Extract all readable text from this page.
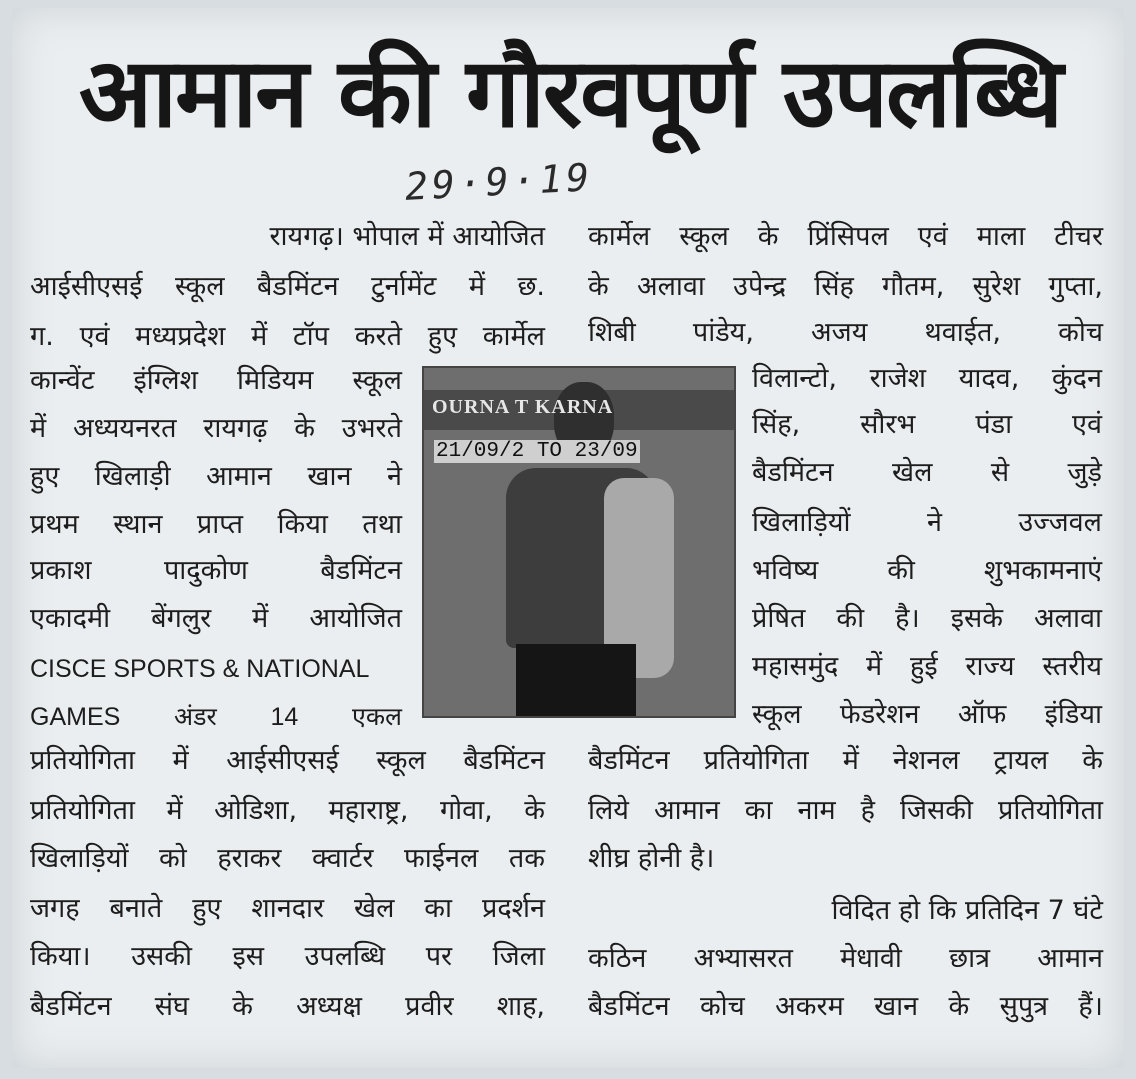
आमान की गौरवपूर्ण उपलब्धि
29·9·19
रायगढ़। भोपाल में आयोजित
आईसीएसई स्कूल बैडमिंटन टुर्नामेंट में छ.
ग. एवं मध्यप्रदेश में टॉप करते हुए कार्मेल
कान्वेंट इंग्लिश मिडियम स्कूल
में अध्ययनरत रायगढ़ के उभरते
हुए खिलाड़ी आमान खान ने
प्रथम स्थान प्राप्त किया तथा
प्रकाश पादुकोण बैडमिंटन
एकादमी बेंगलुर में आयोजित
CISCE SPORTS & NATIONAL
GAMES अंडर 14 एकल
प्रतियोगिता में आईसीएसई स्कूल बैडमिंटन
प्रतियोगिता में ओडिशा, महाराष्ट्र, गोवा, के
खिलाड़ियों को हराकर क्वार्टर फाईनल तक
जगह बनाते हुए शानदार खेल का प्रदर्शन
किया। उसकी इस उपलब्धि पर जिला
बैडमिंटन संघ के अध्यक्ष प्रवीर शाह,
OURNA T KARNA
21/09/2 TO 23/09
कार्मेल स्कूल के प्रिंसिपल एवं माला टीचर
के अलावा उपेन्द्र सिंह गौतम, सुरेश गुप्ता,
शिबी पांडेय, अजय थवाईत, कोच
विलान्टो, राजेश यादव, कुंदन
सिंह, सौरभ पंडा एवं
बैडमिंटन खेल से जुड़े
खिलाड़ियों ने उज्जवल
भविष्य की शुभकामनाएं
प्रेषित की है। इसके अलावा
महासमुंद में हुई राज्य स्तरीय
स्कूल फेडरेशन ऑफ इंडिया
बैडमिंटन प्रतियोगिता में नेशनल ट्रायल के
लिये आमान का नाम है जिसकी प्रतियोगिता
शीघ्र होनी है।
विदित हो कि प्रतिदिन 7 घंटे
कठिन अभ्यासरत मेधावी छात्र आमान
बैडमिंटन कोच अकरम खान के सुपुत्र हैं।
